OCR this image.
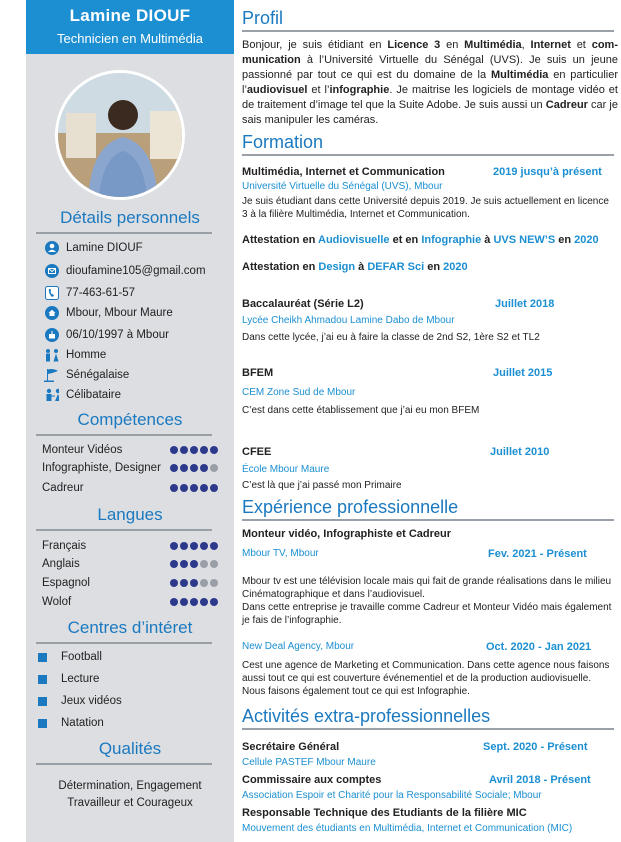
Lamine DIOUF
Technicien en Multimédia
Détails personnels
Lamine DIOUF
dioufamine105@gmail.com
77-463-61-57
Mbour, Mbour Maure
06/10/1997 à Mbour
Homme
Sénégalaise
Célibataire
Compétences
Monteur Vidéos
Infographiste, Designer
Cadreur
Langues
Français
Anglais
Espagnol
Wolof
Centres d’intéret
Football
Lecture
Jeux vidéos
Natation
Qualités
Détermination, Engagement
Travailleur et Courageux
Profil
Bonjour, je suis étidiant en Licence 3 en Multimédia, Internet et communication à l’Université Virtuelle du Sénégal (UVS). Je suis un jeune passionné par tout ce qui est du domaine de la Multimédia en particulier l’audiovisuel et l’infographie. Je maitrise les logiciels de montage vidéo et de traitement d’image tel que la Suite Adobe. Je suis aussi un Cadreur car je sais manipuler les caméras.
Formation
Multimédia, Internet et Communication	2019 jusqu’à présent
Université Virtuelle du Sénégal (UVS), Mbour
Je suis étudiant dans cette Université depuis 2019. Je suis actuellement en licence 3 à la filière Multimédia, Internet et Communication.
Attestation en Audiovisuelle et en Infographie à UVS NEW’S en 2020
Attestation en Design à DEFAR Sci en 2020
Baccalauréat (Série L2)	Juillet 2018
Lycée Cheikh Ahmadou Lamine Dabo de Mbour
Dans cette lycée, j’ai eu à faire la classe de 2nd S2, 1ère S2 et TL2
BFEM	Juillet 2015
CEM Zone Sud de Mbour
C’est dans cette établissement que j’ai eu mon BFEM
CFEE	Juillet 2010
École Mbour Maure
C’est là que j’ai passé mon Primaire
Expérience professionnelle
Monteur vidéo, Infographiste et Cadreur
Mbour TV, Mbour	Fev. 2021 - Présent
Mbour tv est une télévision locale mais qui fait de grande réalisations dans le milieu Cinématographique et dans l’audiovisuel.
Dans cette entreprise je travaille comme Cadreur et Monteur Vidéo mais également je fais de l’infographie.
New Deal Agency, Mbour	Oct. 2020 - Jan 2021
Cest une agence de Marketing et Communication. Dans cette agence nous faisons aussi tout ce qui est couverture événementiel et de la production audiovisuelle. Nous faisons également tout ce qui est Infographie.
Activités extra-professionnelles
Secrétaire Général	Sept. 2020 - Présent
Cellule PASTEF Mbour Maure
Commissaire aux comptes	Avril 2018 - Présent
Association Espoir et Charité pour la Responsabilité Sociale; Mbour
Responsable Technique des Etudiants de la filière MIC
Mouvement des étudiants en Multimédia, Internet et Communication (MIC)
